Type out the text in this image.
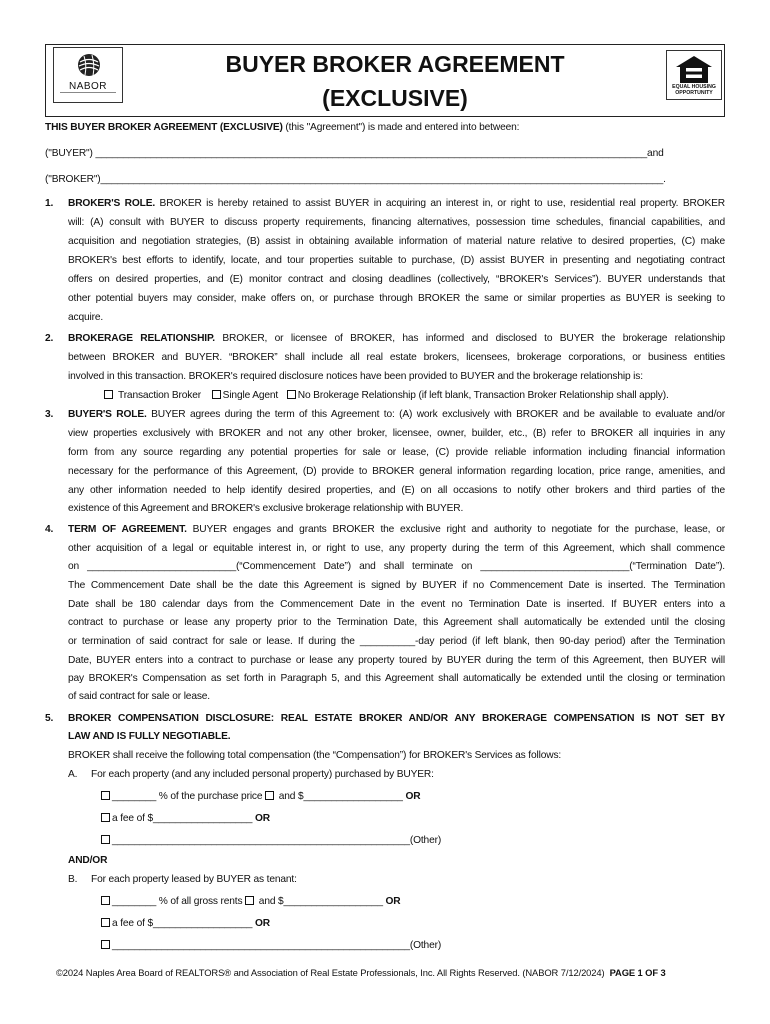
NABOR
BUYER BROKER AGREEMENT
(EXCLUSIVE)	EQUAL HOUSING
OPPORTUNITY
THIS BUYER BROKER AGREEMENT (EXCLUSIVE) (this "Agreement") is made and entered into between:
("BUYER") ____________________________________________________________________________________________________and
("BROKER")______________________________________________________________________________________________________.
1. BROKER'S ROLE. BROKER is hereby retained to assist BUYER in acquiring an interest in, or right to use, residential real property. BROKER
will: (A) consult with BUYER to discuss property requirements, financing alternatives, possession time schedules, financial capabilities, and
acquisition and negotiation strategies, (B) assist in obtaining available information of material nature relative to desired properties, (C) make
BROKER's best efforts to identify, locate, and tour properties suitable to purchase, (D) assist BUYER in presenting and negotiating contract
offers on desired properties, and (E) monitor contract and closing deadlines (collectively, “BROKER's Services”). BUYER understands that
other potential buyers may consider, make offers on, or purchase through BROKER the same or similar properties as BUYER is seeking to
acquire.
2. BROKERAGE RELATIONSHIP. BROKER, or licensee of BROKER, has informed and disclosed to BUYER the brokerage relationship
between BROKER and BUYER. “BROKER” shall include all real estate brokers, licensees, brokerage corporations, or business entities
involved in this transaction. BROKER's required disclosure notices have been provided to BUYER and the brokerage relationship is:
Transaction Broker Single Agent No Brokerage Relationship (if left blank, Transaction Broker Relationship shall apply).
3. BUYER'S ROLE. BUYER agrees during the term of this Agreement to: (A) work exclusively with BROKER and be available to evaluate and/or
view properties exclusively with BROKER and not any other broker, licensee, owner, builder, etc., (B) refer to BROKER all inquiries in any
form from any source regarding any potential properties for sale or lease, (C) provide reliable information including financial information
necessary for the performance of this Agreement, (D) provide to BROKER general information regarding location, price range, amenities, and
any other information needed to help identify desired properties, and (E) on all occasions to notify other brokers and third parties of the
existence of this Agreement and BROKER's exclusive brokerage relationship with BUYER.
4. TERM OF AGREEMENT. BUYER engages and grants BROKER the exclusive right and authority to negotiate for the purchase, lease, or
other acquisition of a legal or equitable interest in, or right to use, any property during the term of this Agreement, which shall commence
on ___________________________(“Commencement Date”) and shall terminate on ___________________________(“Termination Date”).
The Commencement Date shall be the date this Agreement is signed by BUYER if no Commencement Date is inserted. The Termination
Date shall be 180 calendar days from the Commencement Date in the event no Termination Date is inserted. If BUYER enters into a
contract to purchase or lease any property prior to the Termination Date, this Agreement shall automatically be extended until the closing
or termination of said contract for sale or lease. If during the __________-day period (if left blank, then 90-day period) after the Termination
Date, BUYER enters into a contract to purchase or lease any property toured by BUYER during the term of this Agreement, then BUYER will
pay BROKER's Compensation as set forth in Paragraph 5, and this Agreement shall automatically be extended until the closing or termination
of said contract for sale or lease.
5. BROKER COMPENSATION DISCLOSURE: REAL ESTATE BROKER AND/OR ANY BROKERAGE COMPENSATION IS NOT SET BY
LAW AND IS FULLY NEGOTIABLE.
BROKER shall receive the following total compensation (the “Compensation”) for BROKER's Services as follows:
A. For each property (and any included personal property) purchased by BUYER:
________ % of the purchase price  and $__________________ OR
a fee of $__________________ OR
______________________________________________________(Other)
AND/OR
B. For each property leased by BUYER as tenant:
________ % of all gross rents  and $__________________ OR
a fee of $__________________ OR
______________________________________________________(Other)
©2024 Naples Area Board of REALTORS® and Association of Real Estate Professionals, Inc. All Rights Reserved. (NABOR 7/12/2024) PAGE 1 OF 3
